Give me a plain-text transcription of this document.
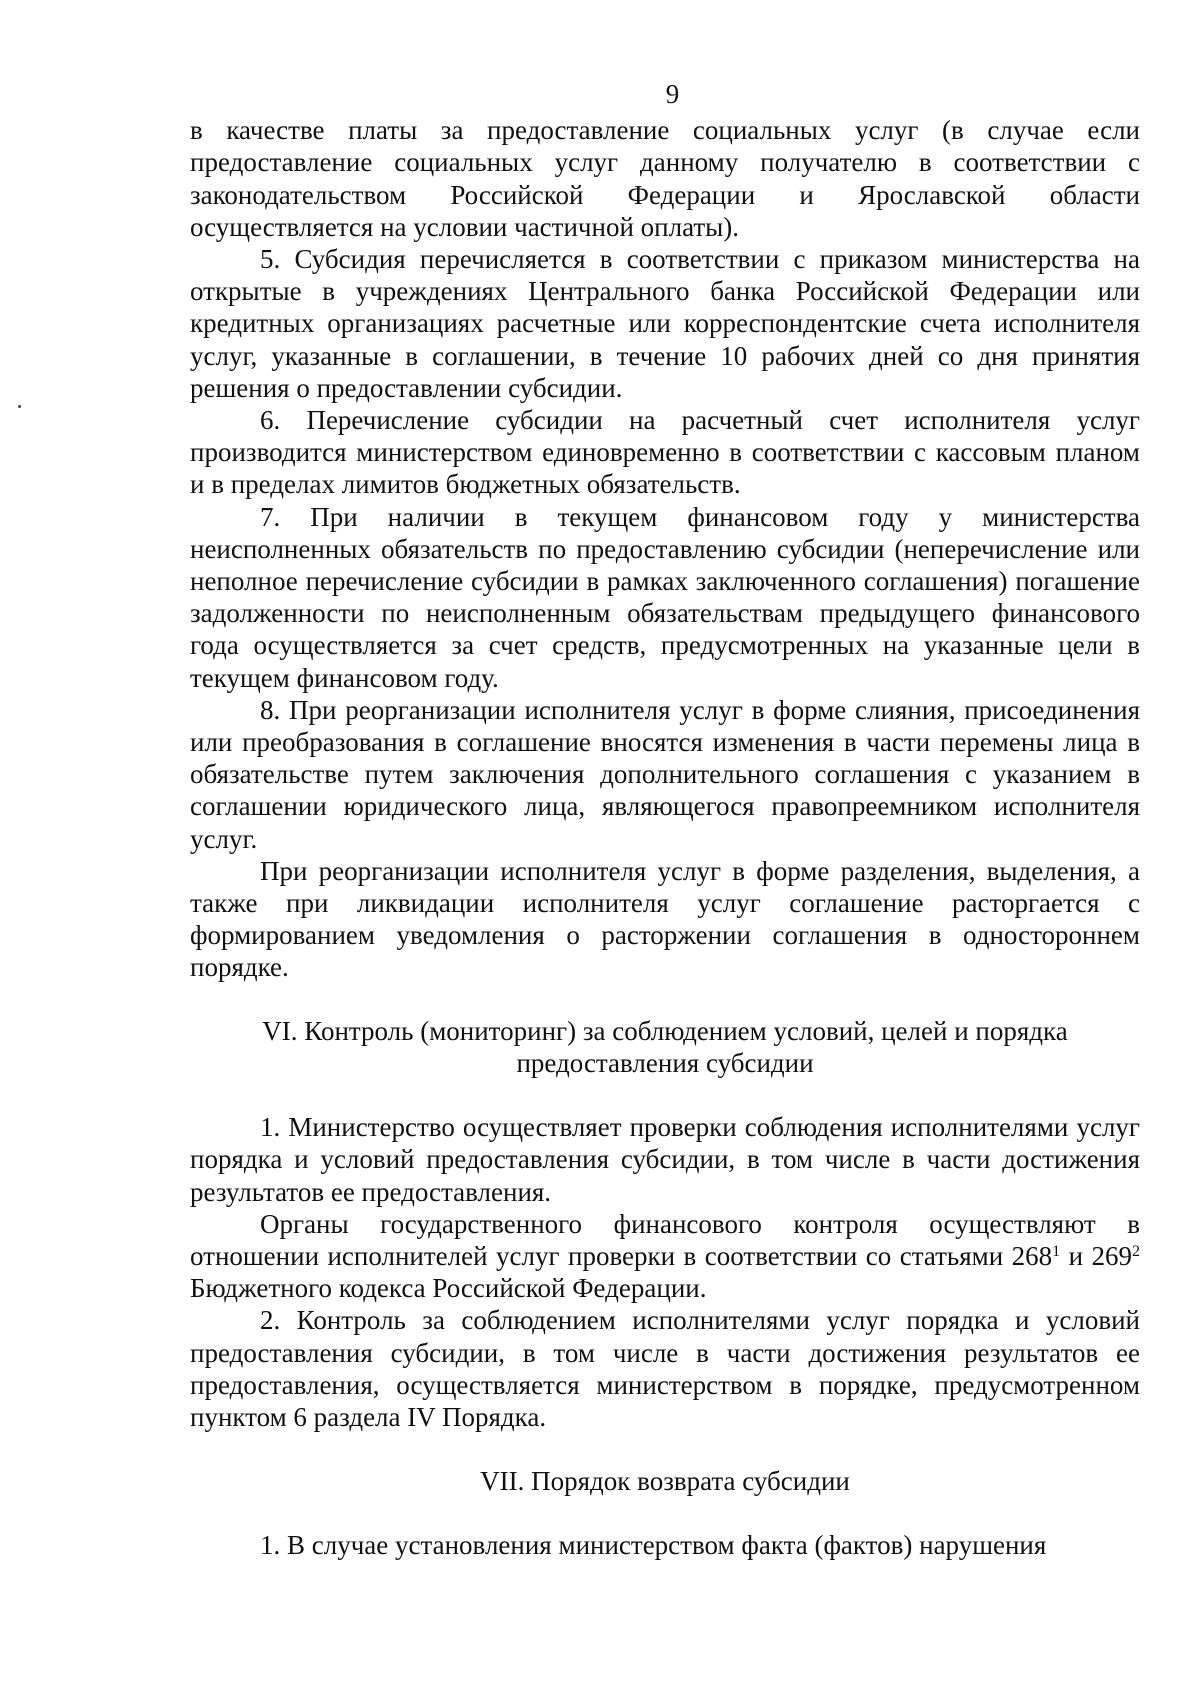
9

в качестве платы за предоставление социальных услуг (в случае если предоставление социальных услуг данному получателю в соответствии с законодательством Российской Федерации и Ярославской области осуществляется на условии частичной оплаты).

5. Субсидия перечисляется в соответствии с приказом министерства на открытые в учреждениях Центрального банка Российской Федерации или кредитных организациях расчетные или корреспондентские счета исполнителя услуг, указанные в соглашении, в течение 10 рабочих дней со дня принятия решения о предоставлении субсидии.

6. Перечисление субсидии на расчетный счет исполнителя услуг производится министерством единовременно в соответствии с кассовым планом и в пределах лимитов бюджетных обязательств.

7. При наличии в текущем финансовом году у министерства неисполненных обязательств по предоставлению субсидии (неперечисление или неполное перечисление субсидии в рамках заключенного соглашения) погашение задолженности по неисполненным обязательствам предыдущего финансового года осуществляется за счет средств, предусмотренных на указанные цели в текущем финансовом году.

8. При реорганизации исполнителя услуг в форме слияния, присоединения или преобразования в соглашение вносятся изменения в части перемены лица в обязательстве путем заключения дополнительного соглашения с указанием в соглашении юридического лица, являющегося правопреемником исполнителя услуг.

При реорганизации исполнителя услуг в форме разделения, выделения, а также при ликвидации исполнителя услуг соглашение расторгается с формированием уведомления о расторжении соглашения в одностороннем порядке.

VI. Контроль (мониторинг) за соблюдением условий, целей и порядка

предоставления субсидии

1. Министерство осуществляет проверки соблюдения исполнителями услуг порядка и условий предоставления субсидии, в том числе в части достижения результатов ее предоставления.

Органы государственного финансового контроля осуществляют в отношении исполнителей услуг проверки в соответствии со статьями $268^1$ и $269^2$ Бюджетного кодекса Российской Федерации.

2. Контроль за соблюдением исполнителями услуг порядка и условий предоставления субсидии, в том числе в части достижения результатов ее предоставления, осуществляется министерством в порядке, предусмотренном пунктом 6 раздела IV Порядка.

VII. Порядок возврата субсидии

1. В случае установления министерством факта (фактов) нарушения
